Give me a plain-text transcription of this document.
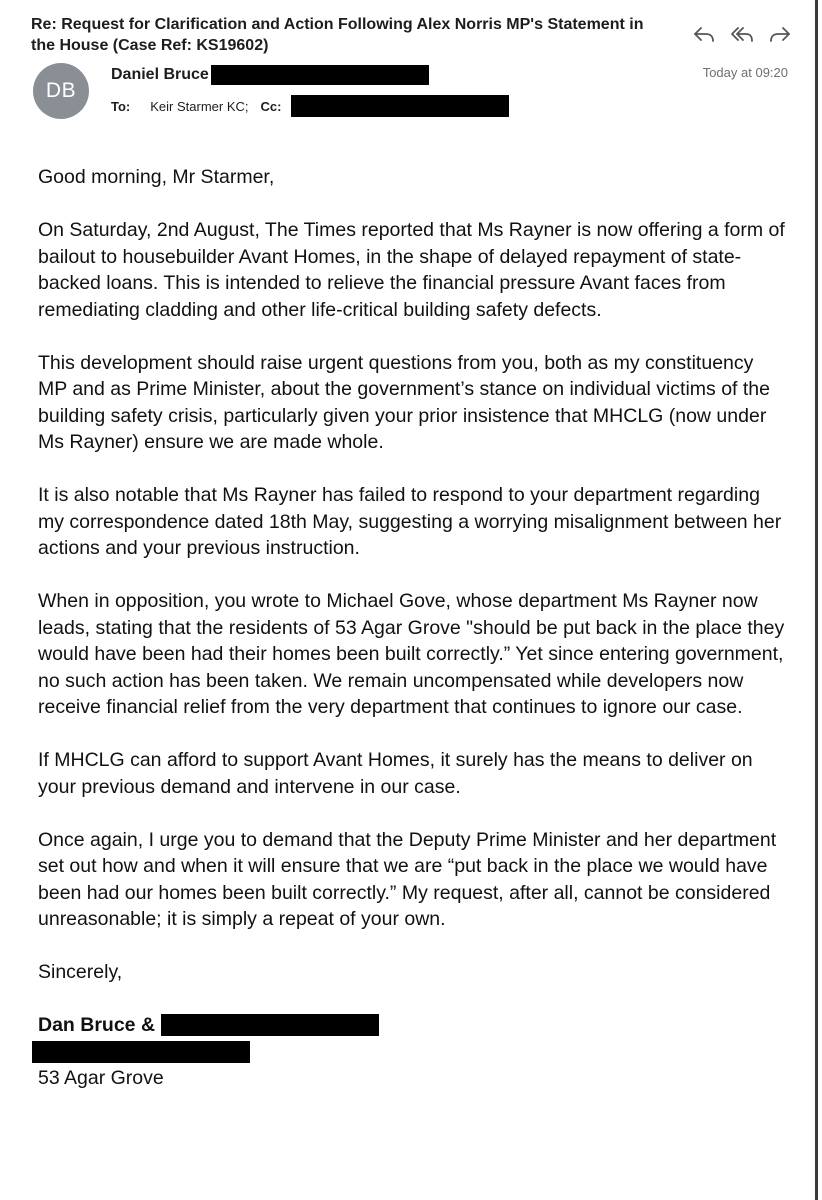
Re: Request for Clarification and Action Following Alex Norris MP's Statement in the House (Case Ref: KS19602)
DB
Daniel Bruce	Today at 09:20
To: Keir Starmer KC; Cc:

Good morning, Mr Starmer,

On Saturday, 2nd August, The Times reported that Ms Rayner is now offering a form of bailout to housebuilder Avant Homes, in the shape of delayed repayment of state-backed loans. This is intended to relieve the financial pressure Avant faces from remediating cladding and other life-critical building safety defects.

This development should raise urgent questions from you, both as my constituency MP and as Prime Minister, about the government’s stance on individual victims of the building safety crisis, particularly given your prior insistence that MHCLG (now under Ms Rayner) ensure we are made whole.

It is also notable that Ms Rayner has failed to respond to your department regarding my correspondence dated 18th May, suggesting a worrying misalignment between her actions and your previous instruction.

When in opposition, you wrote to Michael Gove, whose department Ms Rayner now leads, stating that the residents of 53 Agar Grove "should be put back in the place they would have been had their homes been built correctly.” Yet since entering government, no such action has been taken. We remain uncompensated while developers now receive financial relief from the very department that continues to ignore our case.

If MHCLG can afford to support Avant Homes, it surely has the means to deliver on your previous demand and intervene in our case.

Once again, I urge you to demand that the Deputy Prime Minister and her department set out how and when it will ensure that we are “put back in the place we would have been had our homes been built correctly.” My request, after all, cannot be considered unreasonable; it is simply a repeat of your own.

Sincerely,

Dan Bruce &
53 Agar Grove
